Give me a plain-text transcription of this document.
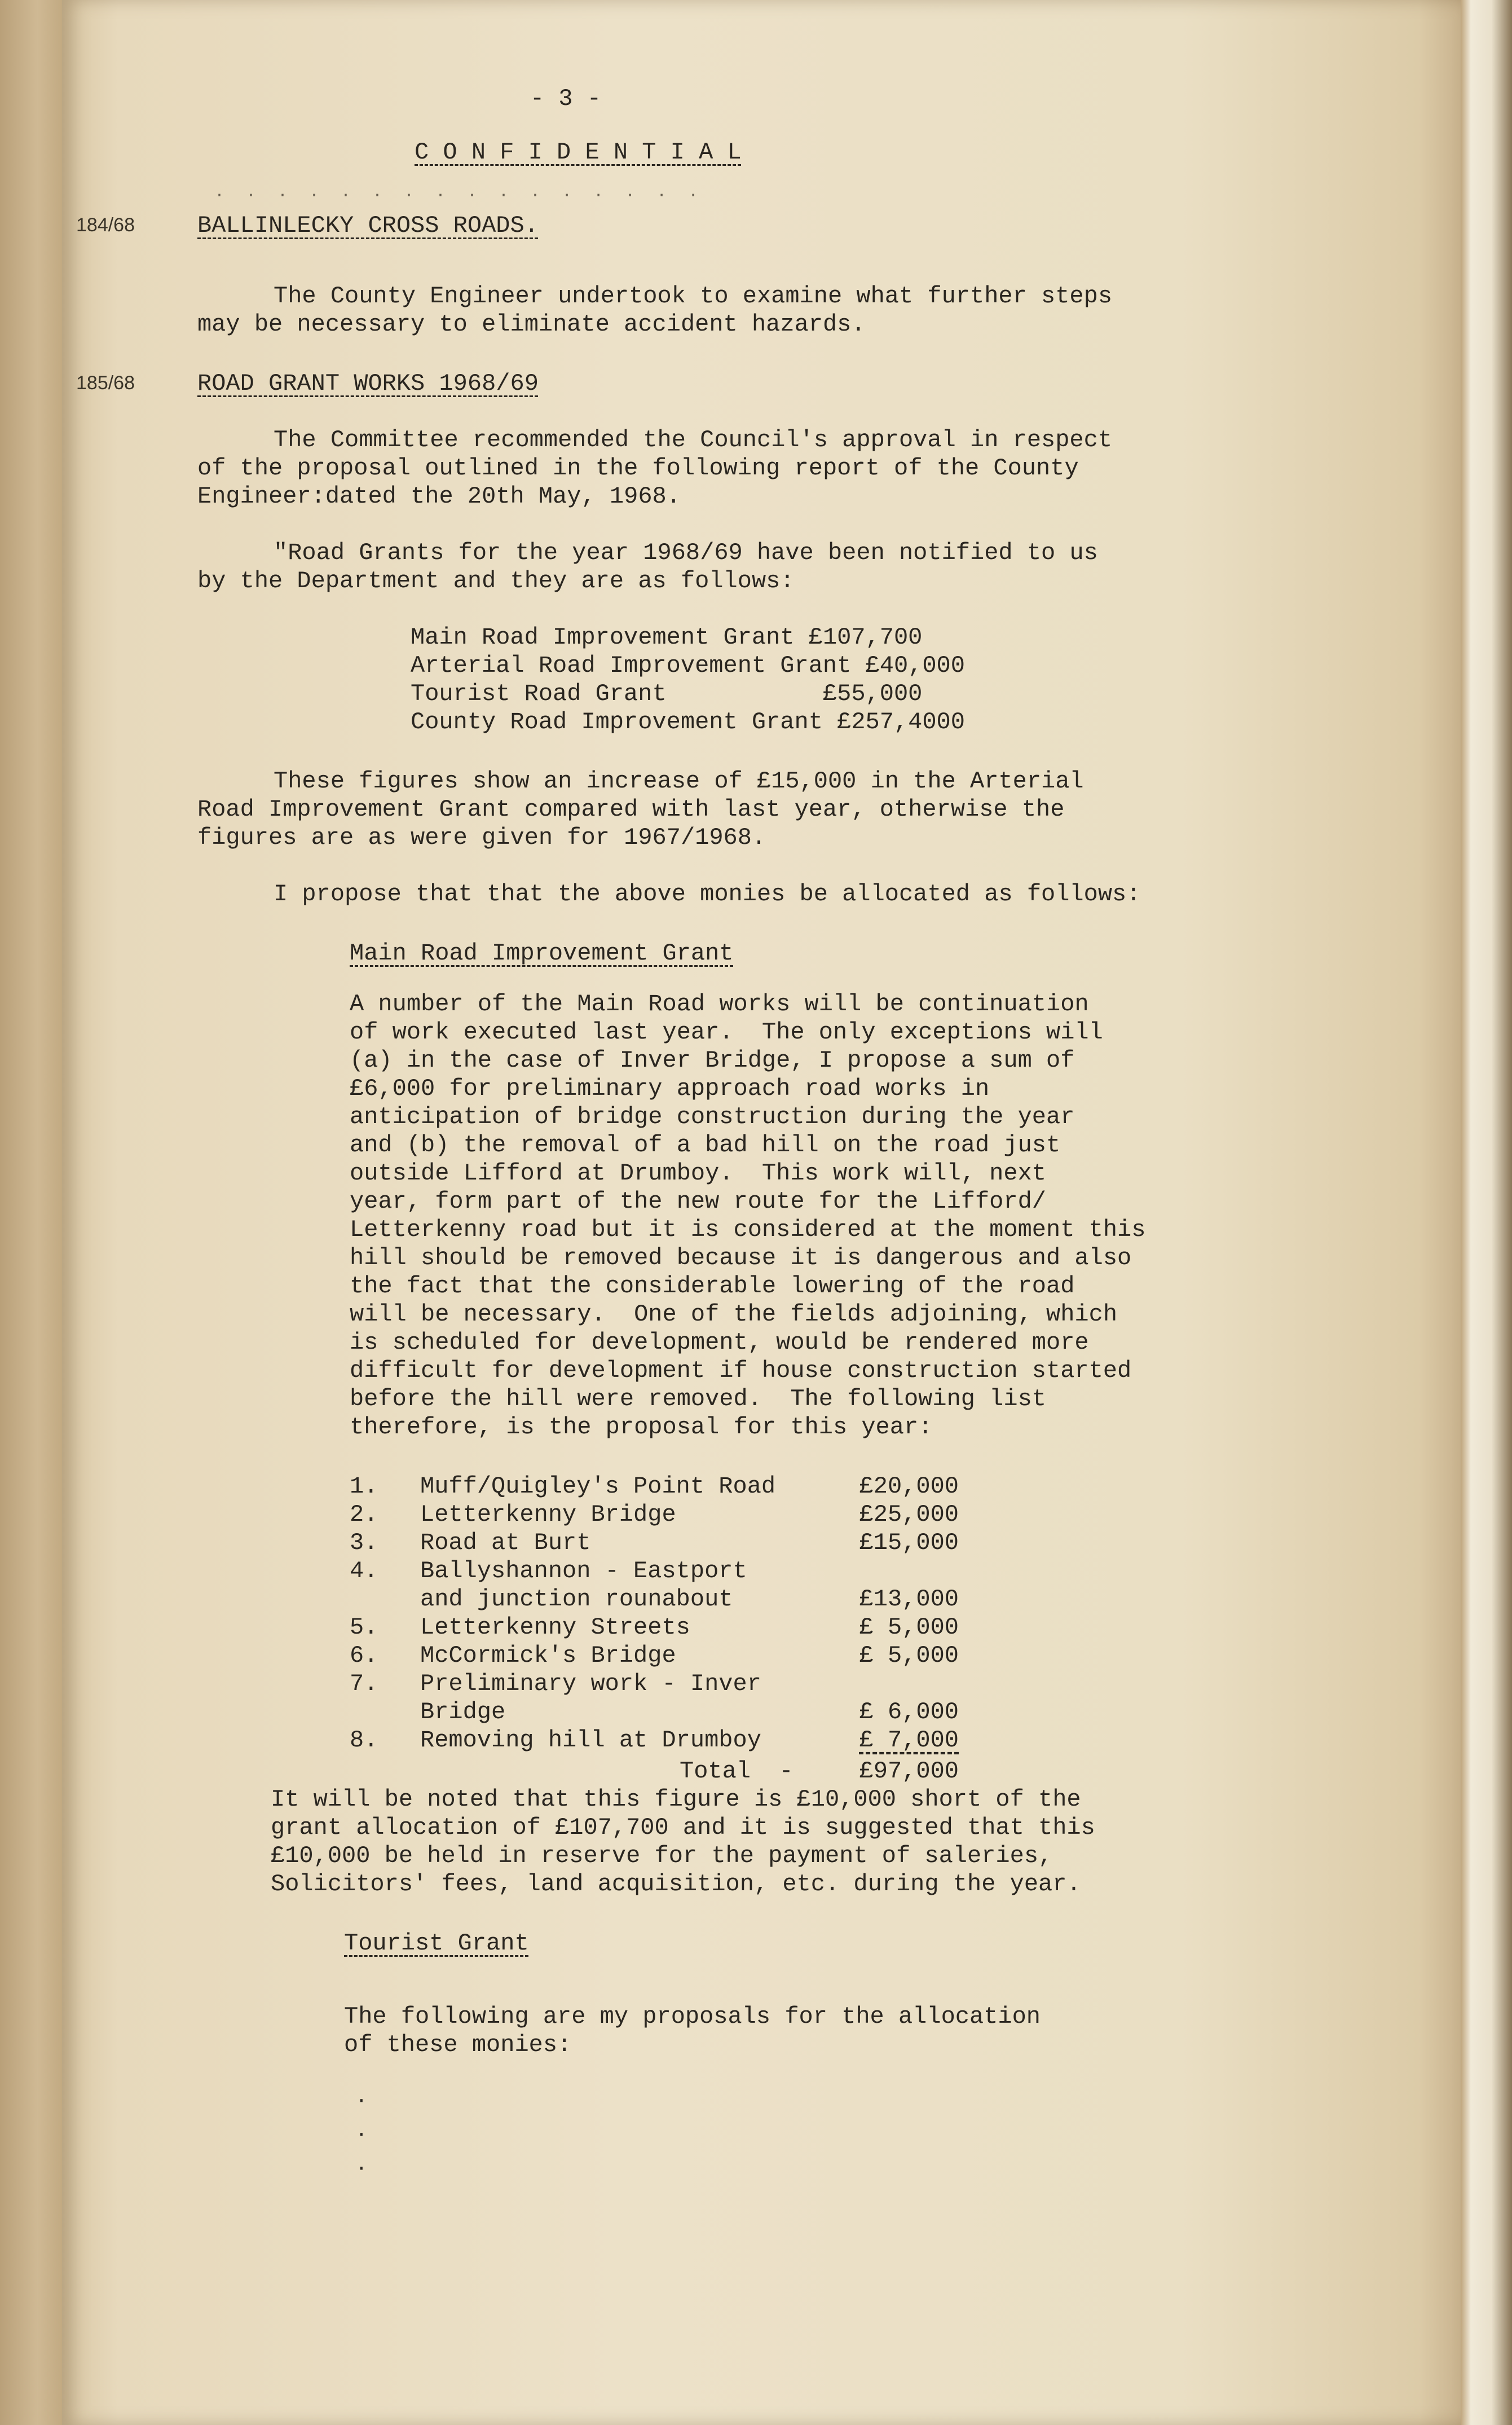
- 3 -
C O N F I D E N T I A L
· · · · · · · · · · · · · · · ·
184/68	BALLINLECKY CROSS ROADS.
The County Engineer undertook to examine what further steps
may be necessary to eliminate accident hazards.
185/68	ROAD GRANT WORKS 1968/69
The Committee recommended the Council's approval in respect
of the proposal outlined in the following report of the County
Engineer:dated the 20th May, 1968.
"Road Grants for the year 1968/69 have been notified to us
by the Department and they are as follows:
Main Road Improvement Grant £107,700
Arterial Road Improvement Grant £40,000
Tourist Road Grant           £55,000
County Road Improvement Grant £257,4000
These figures show an increase of £15,000 in the Arterial
Road Improvement Grant compared with last year, otherwise the
figures are as were given for 1967/1968.
I propose that that the above monies be allocated as follows:
Main Road Improvement Grant
A number of the Main Road works will be continuation
of work executed last year.  The only exceptions will
(a) in the case of Inver Bridge, I propose a sum of
£6,000 for preliminary approach road works in
anticipation of bridge construction during the year
and (b) the removal of a bad hill on the road just
outside Lifford at Drumboy.  This work will, next
year, form part of the new route for the Lifford/
Letterkenny road but it is considered at the moment this
hill should be removed because it is dangerous and also
the fact that the considerable lowering of the road
will be necessary.  One of the fields adjoining, which
is scheduled for development, would be rendered more
difficult for development if house construction started
before the hill were removed.  The following list
therefore, is the proposal for this year:
1. Muff/Quigley's Point Road	£20,000
2. Letterkenny Bridge	£25,000
3. Road at Burt	£15,000
4. Ballyshannon - Eastport
and junction rounabout	£13,000
5. Letterkenny Streets	£ 5,000
6. McCormick's Bridge	£ 5,000
7. Preliminary work - Inver
Bridge	£ 6,000
8. Removing hill at Drumboy	£ 7,000
Total  -	£97,000
It will be noted that this figure is £10,000 short of the
grant allocation of £107,700 and it is suggested that this
£10,000 be held in reserve for the payment of saleries,
Solicitors' fees, land acquisition, etc. during the year.
Tourist Grant
The following are my proposals for the allocation
of these monies:
·
·
·
